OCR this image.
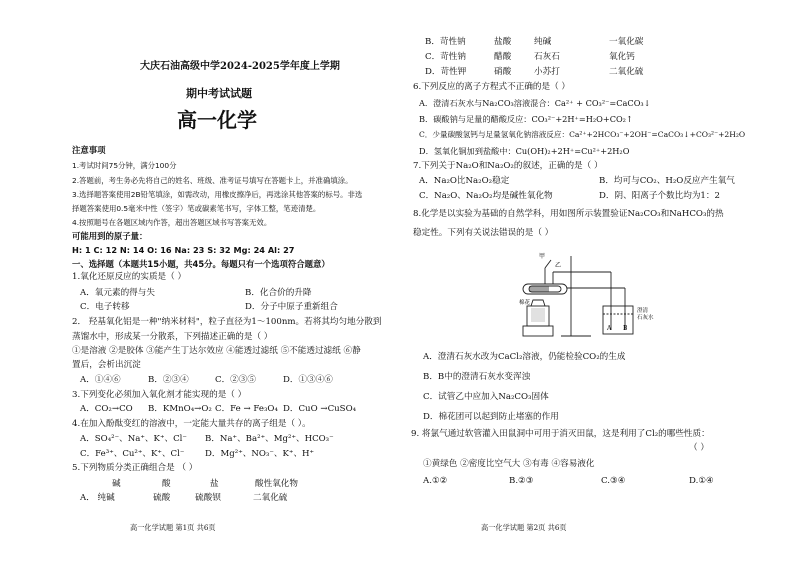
大庆石油高级中学2024-2025学年度上学期
期中考试试题
高一化学
注意事项
1.考试时间75分钟，满分100分
2.答题前，考生务必先将自己的姓名、班级、准考证号填写在答题卡上，并准确填涂。
3.选择题答案使用2B铅笔填涂，如需改动，用橡皮擦净后，再选涂其他答案的标号。非选
择题答案使用0.5毫米中性（签字）笔或碳素笔书写，字体工整，笔迹清楚。
4.按照题号在各题区域内作答，超出答题区域书写答案无效。
可能用到的原子量：
H: 1 C: 12 N: 14 O: 16 Na: 23 S: 32 Mg: 24 Al: 27
一、选择题（本题共15小题，共45分。每题只有一个选项符合题意）
1.氧化还原反应的实质是（ ）
A．氧元素的得与失	B．化合价的升降
C．电子转移	D．分子中原子重新组合
2． 羟基氧化铝是一种"纳米材料"，粒子直径为1～100nm。若将其均匀地分散到
蒸馏水中，形成某一分散系，下列描述正确的是（ ）
①是溶液 ②是胶体 ③能产生丁达尔效应 ④能透过滤纸 ⑤不能透过滤纸 ⑥静
置后，会析出沉淀
A．①④⑥	B．②③④	C．②③⑤	D．①③④⑥
3.下列变化必须加入氧化剂才能实现的是（ ）
A．CO₂→CO B．KMnO₄→O₂ C．Fe → Fe₃O₄ D．CuO →CuSO₄
4.在加入酚酞变红的溶液中，一定能大量共存的离子组是（ ）。
A．SO₄²⁻、Na⁺、K⁺、Cl⁻ B．Na⁺、Ba²⁺、Mg²⁺、HCO₃⁻
C．Fe³⁺、Cu²⁺、K⁺、Cl⁻ D．Mg²⁺、NO₃⁻、K⁺、H⁺
5.下列物质分类正确组合是 （ ）
碱	酸	盐	酸性氧化物
A． 纯碱	硫酸	硫酸钡	二氧化硫
高一化学试题 第1页 共6页
B．苛性钠	盐酸	纯碱	一氧化碳
C．苛性钠	醋酸	石灰石	氧化钙
D．苛性钾	硝酸	小苏打	二氧化硫
6.下列反应的离子方程式不正确的是（ ）
A．澄清石灰水与Na₂CO₃溶液混合：Ca²⁺ + CO₃²⁻=CaCO₃↓
B．碳酸钠与足量的醋酸反应：CO₃²⁻+2H⁺=H₂O+CO₂↑
C．少量碳酸氢钙与足量氢氧化钠溶液反应：Ca²⁺+2HCO₃⁻+2OH⁻=CaCO₃↓+CO₃²⁻+2H₂O
D．氢氧化铜加到盐酸中：Cu(OH)₂+2H⁺=Cu²⁺+2H₂O
7.下列关于Na₂O和Na₂O₂的叙述，正确的是（ ）
A．Na₂O比Na₂O₂稳定	B．均可与CO₂、H₂O反应产生氧气
C．Na₂O、Na₂O₂均是碱性氧化物	D．阴、阳离子个数比均为1：2
8.化学是以实验为基础的自然学科，用如图所示装置验证Na₂CO₃和NaHCO₃的热
稳定性。下列有关说法错误的是（ ）
甲
乙
棉花
澄清
石灰水
A B
A．澄清石灰水改为CaCl₂溶液，仍能检验CO₂的生成
B．B中的澄清石灰水变浑浊
C．试管乙中应加入Na₂CO₃固体
D．棉花团可以起到防止堵塞的作用
9. 将氯气通过软管灌入田鼠洞中可用于消灭田鼠，这是利用了Cl₂的哪些性质：
（ ）
①黄绿色 ②密度比空气大 ③有毒 ④容易液化
A.①②	B.②③	C.③④	D.①④
高一化学试题 第2页 共6页
